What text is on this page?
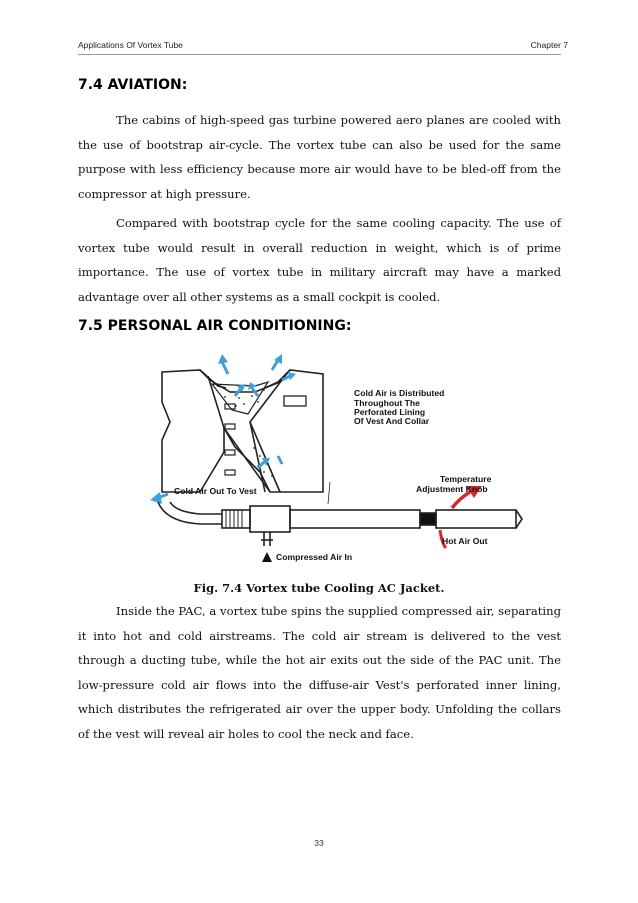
Applications Of Vortex Tube	Chapter 7
7.4 AVIATION:

The cabins of high-speed gas turbine powered aero planes are cooled with the use of bootstrap air-cycle. The vortex tube can also be used for the same purpose with less efficiency because more air would have to be bled-off from the compressor at high pressure.

Compared with bootstrap cycle for the same cooling capacity. The use of vortex tube would result in overall reduction in weight, which is of prime importance. The use of vortex tube in military aircraft may have a marked advantage over all other systems as a small cockpit is cooled.

7.5 PERSONAL AIR CONDITIONING:
Cold Air is Distributed
Throughout The
Perforated Lining
Of Vest And Collar
Temperature
Adjustment Knob
Cold Air Out To Vest
Hot Air Out
Compressed Air In
Fig. 7.4 Vortex tube Cooling AC Jacket.

Inside the PAC, a vortex tube spins the supplied compressed air, separating it into hot and cold airstreams. The cold air stream is delivered to the vest through a ducting tube, while the hot air exits out the side of the PAC unit. The low-pressure cold air flows into the diffuse-air Vest's perforated inner lining, which distributes the refrigerated air over the upper body. Unfolding the collars of the vest will reveal air holes to cool the neck and face.

33
